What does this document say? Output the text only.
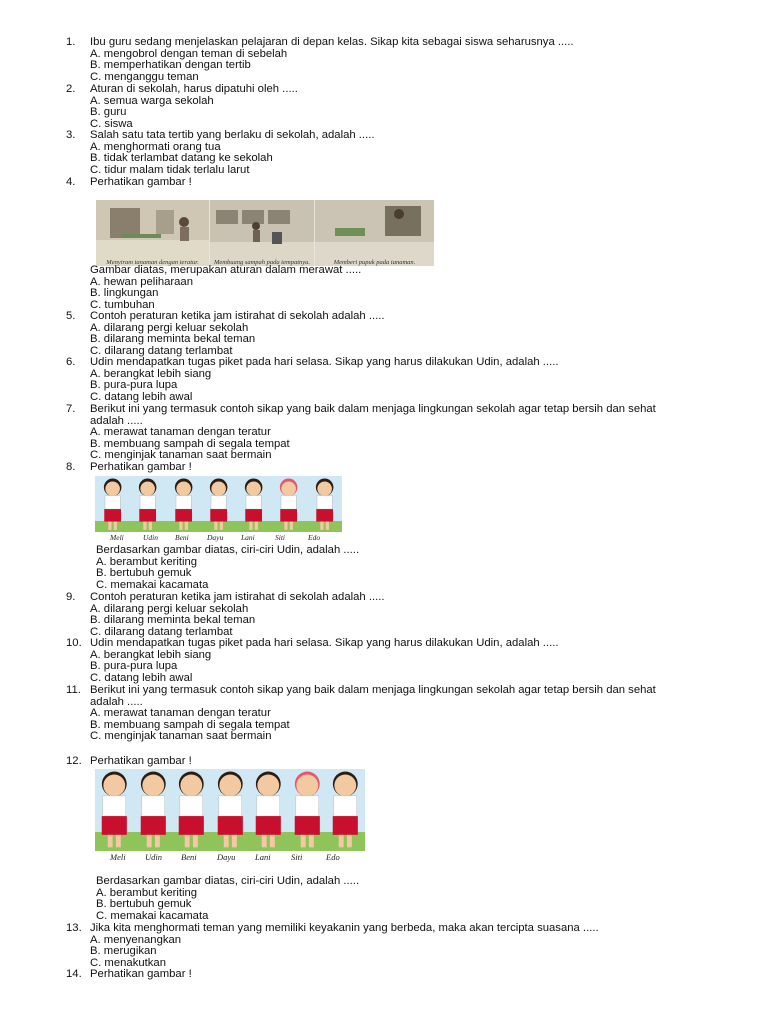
1. Ibu guru sedang menjelaskan pelajaran di depan kelas. Sikap kita sebagai siswa seharusnya .....
A. mengobrol dengan teman di sebelah
B. memperhatikan dengan tertib
C. menganggu teman
2. Aturan di sekolah, harus dipatuhi oleh .....
A. semua warga sekolah
B. guru
C. siswa
3. Salah satu tata tertib yang berlaku di sekolah, adalah .....
A. menghormati orang tua
B. tidak terlambat datang ke sekolah
C. tidur malam tidak terlalu larut
4. Perhatikan gambar !
Menyiram tanaman dengan teratur.	Membuang sampah pada tempatnya.	Memberi pupuk pada tanaman.
Gambar diatas, merupakan aturan dalam merawat .....
A. hewan peliharaan
B. lingkungan
C. tumbuhan
5. Contoh peraturan ketika jam istirahat di sekolah adalah .....
A. dilarang pergi keluar sekolah
B. dilarang meminta bekal teman
C. dilarang datang terlambat
6. Udin mendapatkan tugas piket pada hari selasa. Sikap yang harus dilakukan Udin, adalah .....
A. berangkat lebih siang
B. pura-pura lupa
C. datang lebih awal
7. Berikut ini yang termasuk contoh sikap yang baik dalam menjaga lingkungan sekolah agar tetap bersih dan sehat
adalah .....
A. merawat tanaman dengan teratur
B. membuang sampah di segala tempat
C. menginjak tanaman saat bermain
8. Perhatikan gambar !
Meli	Udin Beni Dayu Lani	Siti	Edo
Berdasarkan gambar diatas, ciri-ciri Udin, adalah .....
A. berambut keriting
B. bertubuh gemuk
C. memakai kacamata
9. Contoh peraturan ketika jam istirahat di sekolah adalah .....
A. dilarang pergi keluar sekolah
B. dilarang meminta bekal teman
C. dilarang datang terlambat
10. Udin mendapatkan tugas piket pada hari selasa. Sikap yang harus dilakukan Udin, adalah .....
A. berangkat lebih siang
B. pura-pura lupa
C. datang lebih awal
11. Berikut ini yang termasuk contoh sikap yang baik dalam menjaga lingkungan sekolah agar tetap bersih dan sehat
adalah .....
A. merawat tanaman dengan teratur
B. membuang sampah di segala tempat
C. menginjak tanaman saat bermain
12. Perhatikan gambar !
Meli Udin Beni Dayu Lani Siti	Edo
Berdasarkan gambar diatas, ciri-ciri Udin, adalah .....
A. berambut keriting
B. bertubuh gemuk
C. memakai kacamata
13. Jika kita menghormati teman yang memiliki keyakanin yang berbeda, maka akan tercipta suasana .....
A. menyenangkan
B. merugikan
C. menakutkan
14. Perhatikan gambar !
